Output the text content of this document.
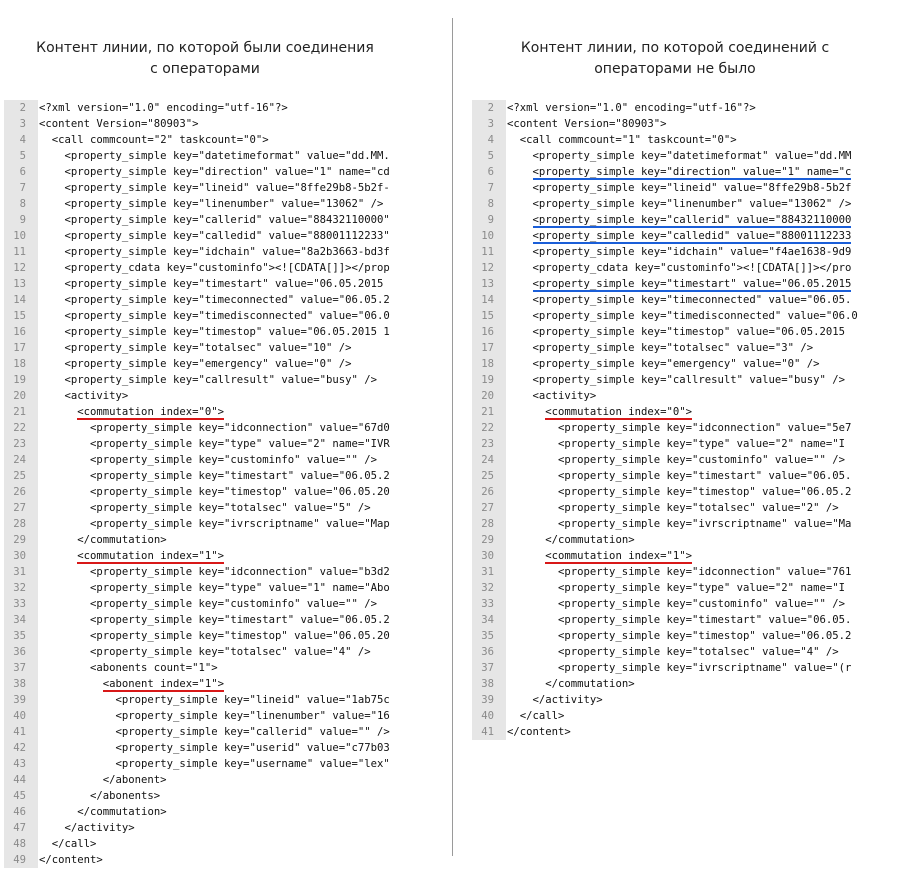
Контент линии, по которой были соединения
с операторами
2 <?xml version="1.0" encoding="utf-16"?>
3 <content Version="80903">
4	<call commcount="2" taskcount="0">
5	<property_simple key="datetimeformat" value="dd.MM.
6	<property_simple key="direction" value="1" name="cd
7	<property_simple key="lineid" value="8ffe29b8-5b2f-
8	<property_simple key="linenumber" value="13062" />
9	<property_simple key="callerid" value="88432110000"
10	<property_simple key="calledid" value="88001112233"
11	<property_simple key="idchain" value="8a2b3663-bd3f
12	<property_cdata key="custominfo"><![CDATA[]]></prop
13	<property_simple key="timestart" value="06.05.2015
14	<property_simple key="timeconnected" value="06.05.2
15	<property_simple key="timedisconnected" value="06.0
16	<property_simple key="timestop" value="06.05.2015 1
17	<property_simple key="totalsec" value="10" />
18	<property_simple key="emergency" value="0" />
19	<property_simple key="callresult" value="busy" />
20	<activity>
21	<commutation index="0">
22	<property_simple key="idconnection" value="67d0
23	<property_simple key="type" value="2" name="IVR
24	<property_simple key="custominfo" value="" />
25	<property_simple key="timestart" value="06.05.2
26	<property_simple key="timestop" value="06.05.20
27	<property_simple key="totalsec" value="5" />
28	<property_simple key="ivrscriptname" value="Map
29	</commutation>
30	<commutation index="1">
31	<property_simple key="idconnection" value="b3d2
32	<property_simple key="type" value="1" name="Abo
33	<property_simple key="custominfo" value="" />
34	<property_simple key="timestart" value="06.05.2
35	<property_simple key="timestop" value="06.05.20
36	<property_simple key="totalsec" value="4" />
37	<abonents count="1">
38	<abonent index="1">
39	<property_simple key="lineid" value="1ab75c
40	<property_simple key="linenumber" value="16
41	<property_simple key="callerid" value="" />
42	<property_simple key="userid" value="c77b03
43	<property_simple key="username" value="lex"
44	</abonent>
45	</abonents>
46	</commutation>
47	</activity>
48	</call>
49 </content>
Контент линии, по которой соединений с
операторами не было
2 <?xml version="1.0" encoding="utf-16"?>
3 <content Version="80903">
4	<call commcount="1" taskcount="0">
5	<property_simple key="datetimeformat" value="dd.MM
6	<property_simple key="direction" value="1" name="c
7	<property_simple key="lineid" value="8ffe29b8-5b2f
8	<property_simple key="linenumber" value="13062" />
9	<property_simple key="callerid" value="88432110000
10	<property_simple key="calledid" value="88001112233
11	<property_simple key="idchain" value="f4ae1638-9d9
12	<property_cdata key="custominfo"><![CDATA[]]></pro
13	<property_simple key="timestart" value="06.05.2015
14	<property_simple key="timeconnected" value="06.05.
15	<property_simple key="timedisconnected" value="06.0
16	<property_simple key="timestop" value="06.05.2015
17	<property_simple key="totalsec" value="3" />
18	<property_simple key="emergency" value="0" />
19	<property_simple key="callresult" value="busy" />
20	<activity>
21	<commutation index="0">
22	<property_simple key="idconnection" value="5e7
23	<property_simple key="type" value="2" name="I
24	<property_simple key="custominfo" value="" />
25	<property_simple key="timestart" value="06.05.
26	<property_simple key="timestop" value="06.05.2
27	<property_simple key="totalsec" value="2" />
28	<property_simple key="ivrscriptname" value="Ma
29	</commutation>
30	<commutation index="1">
31	<property_simple key="idconnection" value="761
32	<property_simple key="type" value="2" name="I
33	<property_simple key="custominfo" value="" />
34	<property_simple key="timestart" value="06.05.
35	<property_simple key="timestop" value="06.05.2
36	<property_simple key="totalsec" value="4" />
37	<property_simple key="ivrscriptname" value="(r
38	</commutation>
39	</activity>
40	</call>
41 </content>
